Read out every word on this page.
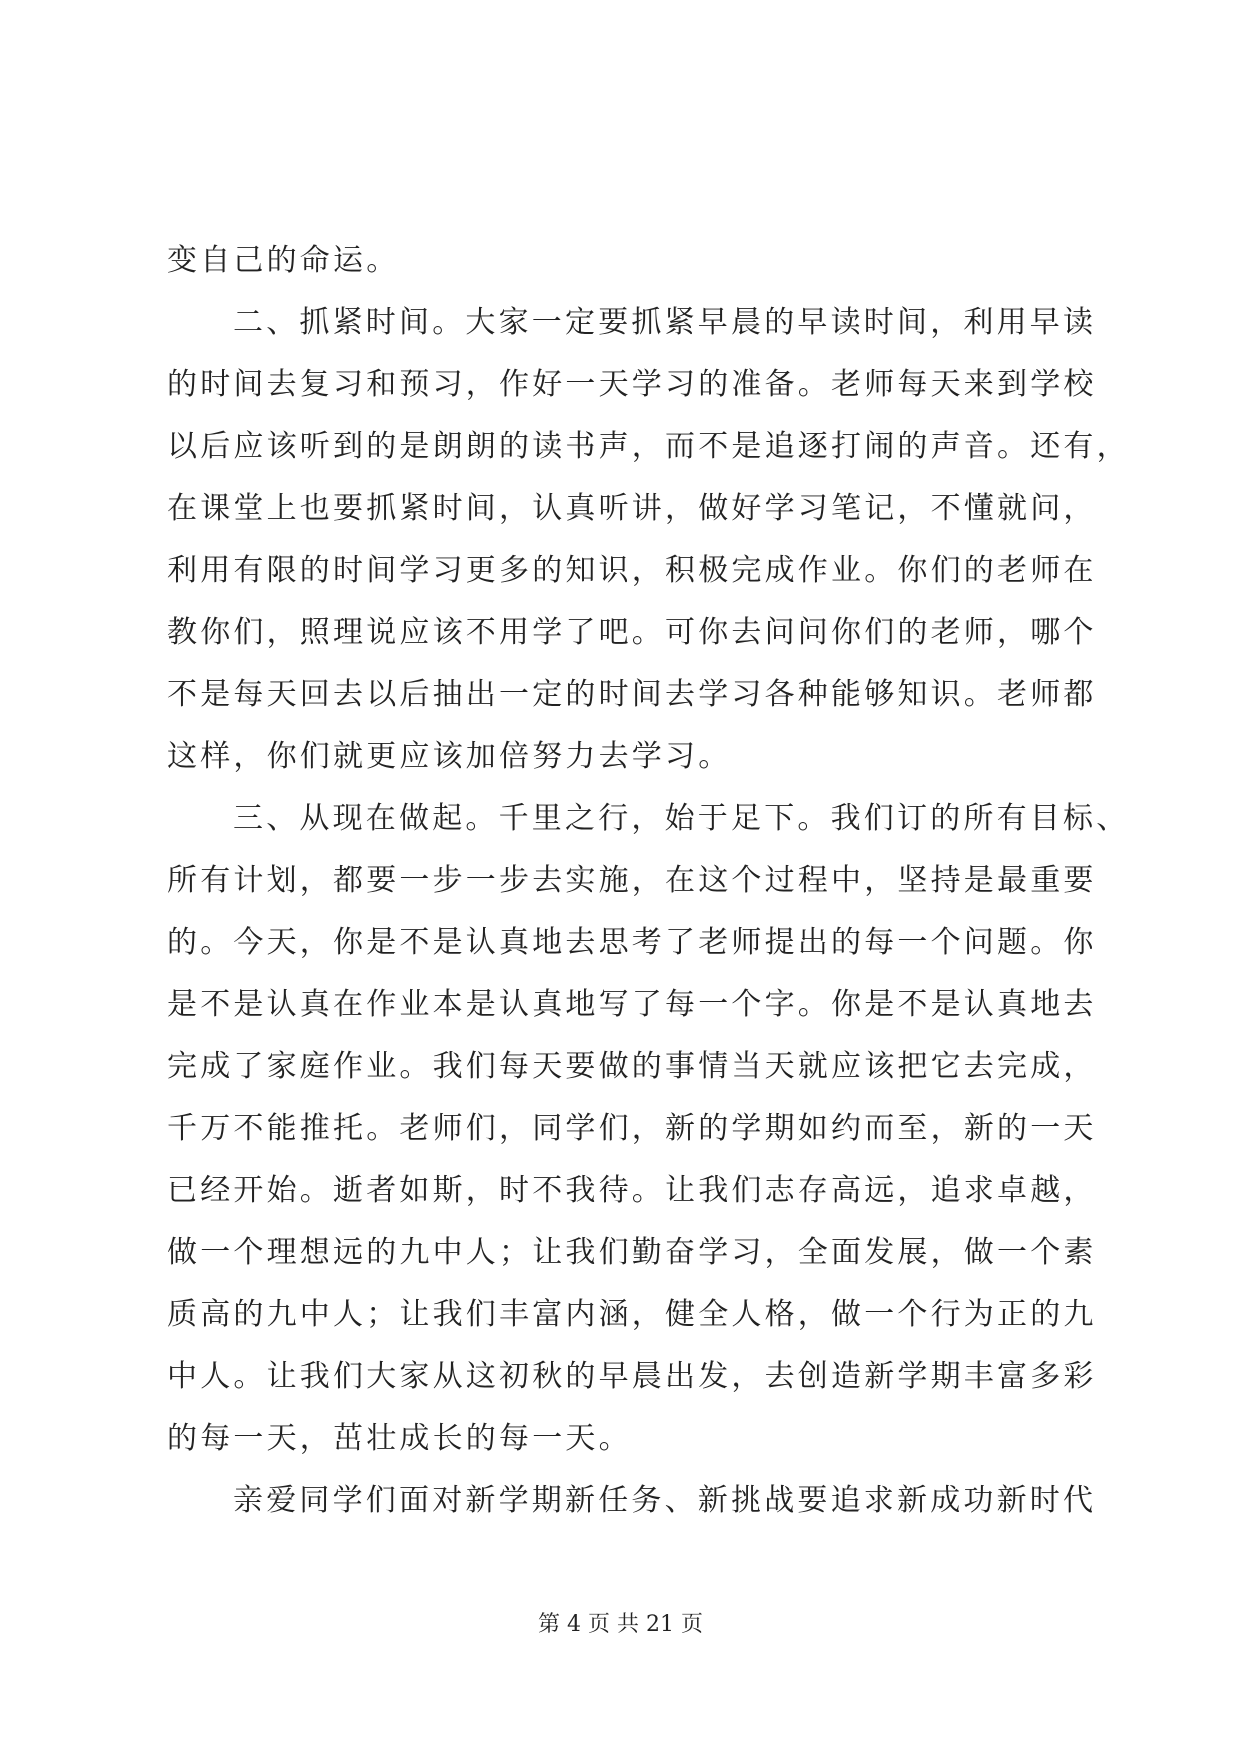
变自己的命运。
二、抓紧时间。大家一定要抓紧早晨的早读时间，利用早读
的时间去复习和预习，作好一天学习的准备。老师每天来到学校
以后应该听到的是朗朗的读书声，而不是追逐打闹的声音。还有，
在课堂上也要抓紧时间，认真听讲，做好学习笔记，不懂就问，
利用有限的时间学习更多的知识，积极完成作业。你们的老师在
教你们，照理说应该不用学了吧。可你去问问你们的老师，哪个
不是每天回去以后抽出一定的时间去学习各种能够知识。老师都
这样，你们就更应该加倍努力去学习。
三、从现在做起。千里之行，始于足下。我们订的所有目标、
所有计划，都要一步一步去实施，在这个过程中，坚持是最重要
的。今天，你是不是认真地去思考了老师提出的每一个问题。你
是不是认真在作业本是认真地写了每一个字。你是不是认真地去
完成了家庭作业。我们每天要做的事情当天就应该把它去完成，
千万不能推托。老师们，同学们，新的学期如约而至，新的一天
已经开始。逝者如斯，时不我待。让我们志存高远，追求卓越，
做一个理想远的九中人；让我们勤奋学习，全面发展，做一个素
质高的九中人；让我们丰富内涵，健全人格，做一个行为正的九
中人。让我们大家从这初秋的早晨出发，去创造新学期丰富多彩
的每一天，茁壮成长的每一天。
亲爱同学们面对新学期新任务、新挑战要追求新成功新时代
第 4 页 共 21 页
